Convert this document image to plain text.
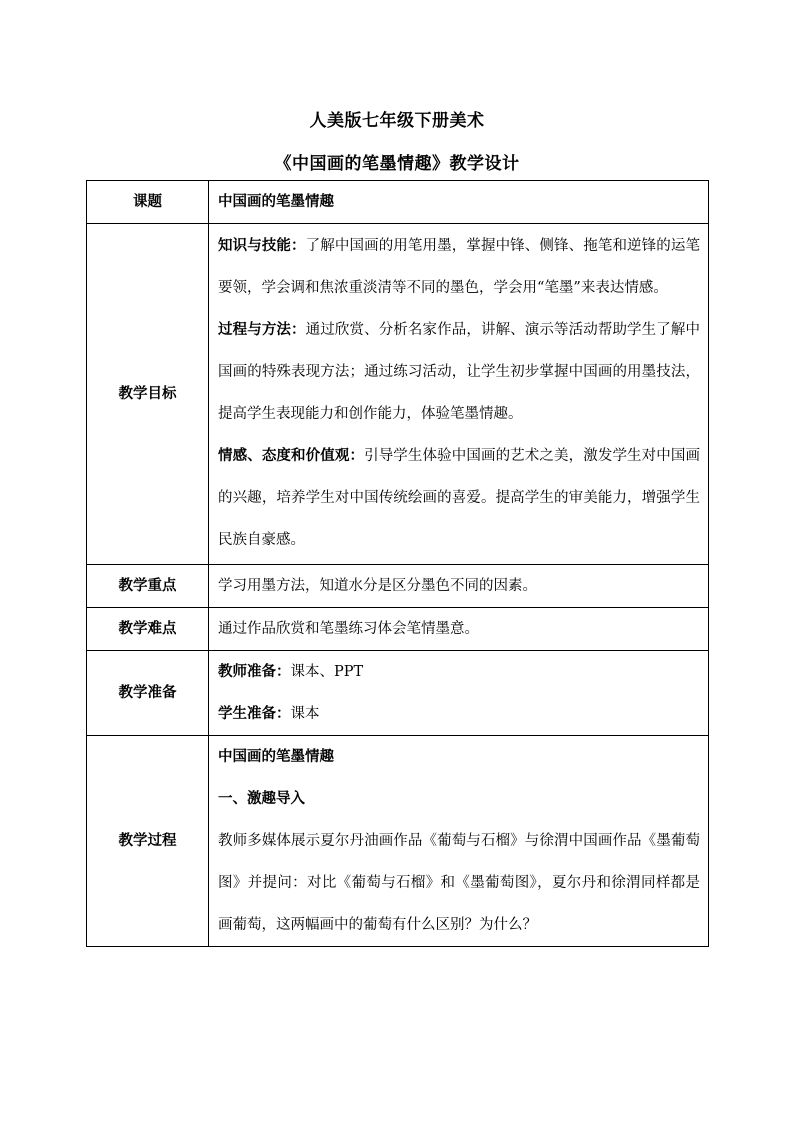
人美版七年级下册美术
《中国画的笔墨情趣》教学设计
课题	中国画的笔墨情趣
教学目标	知识与技能：了解中国画的用笔用墨，掌握中锋、侧锋、拖笔和逆锋的运笔要领，学会调和焦浓重淡清等不同的墨色，学会用“笔墨”来表达情感。
过程与方法：通过欣赏、分析名家作品，讲解、演示等活动帮助学生了解中国画的特殊表现方法；通过练习活动，让学生初步掌握中国画的用墨技法，提高学生表现能力和创作能力，体验笔墨情趣。
情感、态度和价值观：引导学生体验中国画的艺术之美，激发学生对中国画的兴趣，培养学生对中国传统绘画的喜爱。提高学生的审美能力，增强学生民族自豪感。

教学重点	学习用墨方法，知道水分是区分墨色不同的因素。
教学难点	通过作品欣赏和笔墨练习体会笔情墨意。
教学准备	教师准备：课本、PPT
学生准备：课本

教学过程	中国画的笔墨情趣
一、激趣导入
教师多媒体展示夏尔丹油画作品《葡萄与石榴》与徐渭中国画作品《墨葡萄图》并提问：对比《葡萄与石榴》和《墨葡萄图》，夏尔丹和徐渭同样都是画葡萄，这两幅画中的葡萄有什么区别？为什么？
